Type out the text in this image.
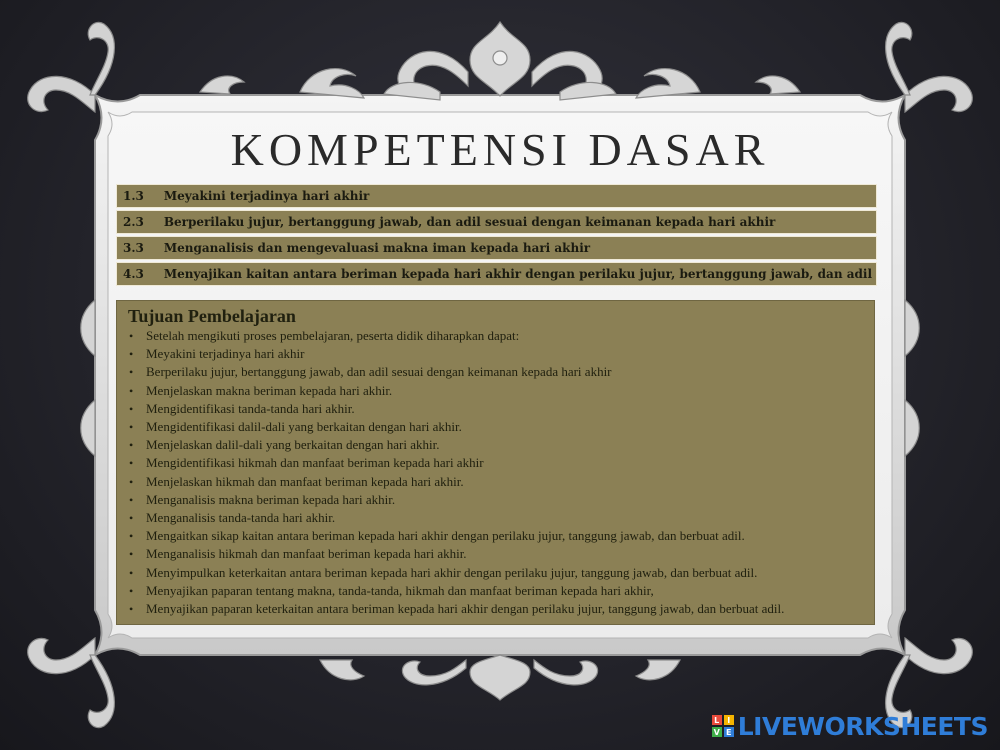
KOMPETENSI DASAR
1.3	Meyakini terjadinya hari akhir
2.3	Berperilaku jujur, bertanggung jawab, dan adil sesuai dengan keimanan kepada hari akhir
3.3	Menganalisis dan mengevaluasi makna iman kepada hari akhir
4.3	Menyajikan kaitan antara beriman kepada hari akhir dengan perilaku jujur, bertanggung jawab, dan adil
Tujuan Pembelajaran
• Setelah mengikuti proses pembelajaran, peserta didik diharapkan dapat:
• Meyakini terjadinya hari akhir
• Berperilaku jujur, bertanggung jawab, dan adil sesuai dengan keimanan kepada hari akhir
• Menjelaskan makna beriman kepada hari akhir.
• Mengidentifikasi tanda-tanda hari akhir.
• Mengidentifikasi dalil-dali yang berkaitan dengan hari akhir.
• Menjelaskan dalil-dali yang berkaitan dengan hari akhir.
• Mengidentifikasi hikmah dan manfaat beriman kepada hari akhir
• Menjelaskan hikmah dan manfaat beriman kepada hari akhir.
• Menganalisis makna beriman kepada hari akhir.
• Menganalisis tanda-tanda hari akhir.
• Mengaitkan sikap kaitan antara beriman kepada hari akhir dengan perilaku jujur, tanggung jawab, dan berbuat adil.
• Menganalisis hikmah dan manfaat beriman kepada hari akhir.
• Menyimpulkan keterkaitan antara beriman kepada hari akhir dengan perilaku jujur, tanggung jawab, dan berbuat adil.
• Menyajikan paparan tentang makna, tanda-tanda, hikmah dan manfaat beriman kepada hari akhir,
• Menyajikan paparan keterkaitan antara beriman kepada hari akhir dengan perilaku jujur, tanggung jawab, dan berbuat adil.
L I
V E LIVEWORKSHEETS
